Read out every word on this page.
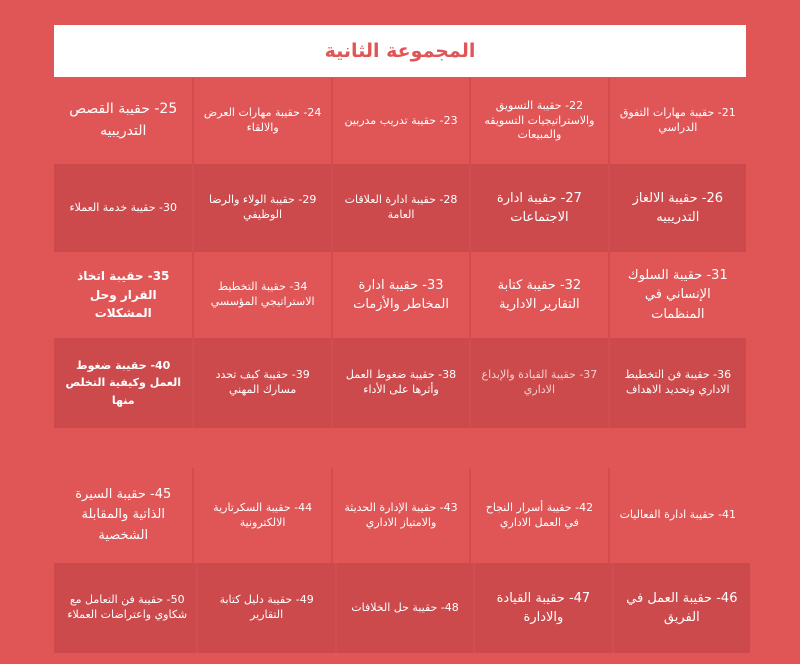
المجموعة الثانية
21- حقيبة مهارات التفوق الدراسي
22- حقيبة التسويق والاستراتيجيات التسويقه والمبيعات
23- حقيبة تدريب مدربين
24- حقيبة مهارات العرض والالقاء
25- حقيبة القصص التدريبيه
26- حقيبة الالغاز التدريبيه
27- حقيبة ادارة الاجتماعات
28- حقيبة ادارة العلاقات العامة
29- حقيبة الولاء والرضا الوظيفي
30- حقيبة خدمة العملاء
31- حقيبة السلوك الإنساني في المنظمات
32- حقيبة كتابة التقارير الادارية
33- حقيبة ادارة المخاطر والأزمات
34- حقيبة التخطيط الاستراتيجي المؤسسي
35- حقيبة اتخاذ القرار وحل المشكلات
36- حقيبة فن التخطيط الاداري وتحديد الاهداف
37- حقيبة القيادة والإبداع الاداري
38- حقيبة ضغوط العمل وأثرها على الأداء
39- حقيبة كيف تحدد مسارك المهني
40- حقيبة ضغوط العمل وكيفية التخلص منها
41- حقيبة ادارة الفعاليات
42- حقيبة أسرار النجاح في العمل الاداري
43- حقيبة الإدارة الحديثة والامتياز الاداري
44- حقيبة السكرتارية الالكترونية
45- حقيبة السيرة الذاتية والمقابلة الشخصية
46- حقيبة العمل في الفريق
47- حقيبة القيادة والادارة
48- حقيبة حل الخلافات
49- حقيبة دليل كتابة التقارير
50- حقيبة فن التعامل مع شكاوي واعتراضات العملاء
